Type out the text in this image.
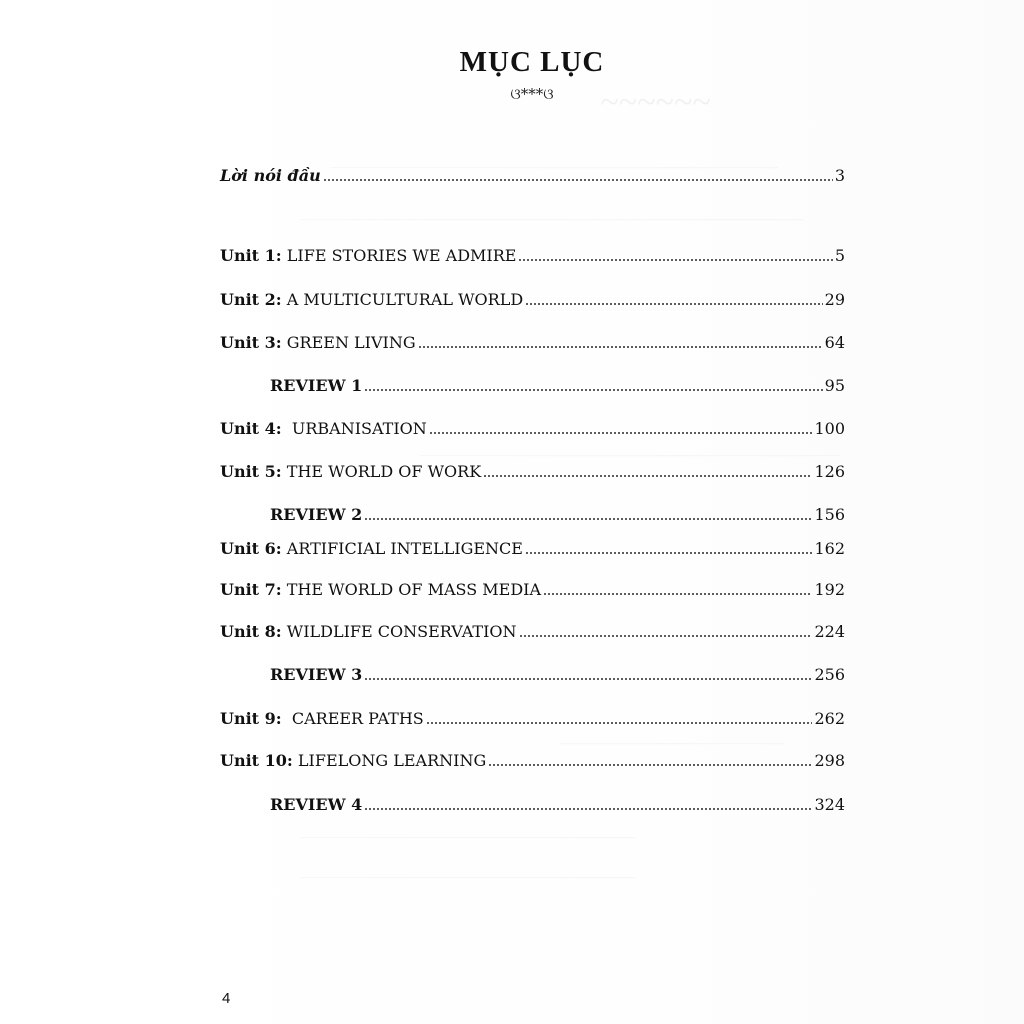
~~~~~~
————————————————————————————————
————————————————————————————————————
——————————————————————————————
————————————————
————————————————————————
————————————————————————
MỤC LỤC
ଓ***ଓ
Lời nói đầu	3
Unit 1: LIFE STORIES WE ADMIRE	5
Unit 2: A MULTICULTURAL WORLD	29
Unit 3: GREEN LIVING	64
REVIEW 1	95
Unit 4: URBANISATION	100
Unit 5: THE WORLD OF WORK	126
REVIEW 2	156
Unit 6: ARTIFICIAL INTELLIGENCE	162
Unit 7: THE WORLD OF MASS MEDIA	192
Unit 8: WILDLIFE CONSERVATION	224
REVIEW 3	256
Unit 9: CAREER PATHS	262
Unit 10: LIFELONG LEARNING	298
REVIEW 4	324
4
